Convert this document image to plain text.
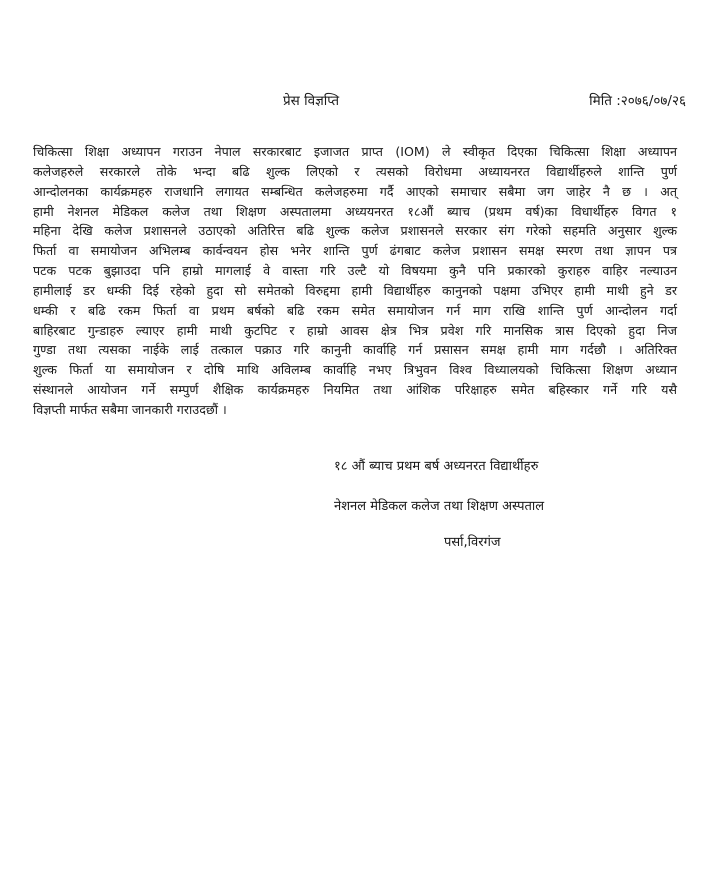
प्रेस विज्ञप्ति	मिति :२०७६/०७/२६
चिकित्सा शिक्षा अध्यापन गराउन नेपाल सरकारबाट इजाजत प्राप्त (IOM) ले स्वीकृत दिएका चिकित्सा शिक्षा अध्यापन
कलेजहरुले सरकारले तोके भन्दा बढि शुल्क लिएको र त्यसको विरोधमा अध्यायनरत विद्यार्थीहरुले शान्ति पुर्ण
आन्दोलनका कार्यक्रमहरु राजधानि लगायत सम्बन्धित कलेजहरुमा गर्दै आएको समाचार सबैमा जग जाहेर नै छ । अत्
हामी नेशनल मेडिकल कलेज तथा शिक्षण अस्पतालमा अध्ययनरत १८औं ब्याच (प्रथम वर्ष)का विधार्थीहरु विगत १
महिना देखि कलेज प्रशासनले उठाएको अतिरित्त बढि शुल्क कलेज प्रशासनले सरकार संग गरेको सहमति अनुसार शुल्क
फिर्ता वा समायोजन अभिलम्ब कार्वन्वयन होस भनेर शान्ति पुर्ण ढंगबाट कलेज प्रशासन समक्ष स्मरण तथा ज्ञापन पत्र
पटक पटक बुझाउदा पनि हाम्रो मागलाई वे वास्ता गरि उल्टै यो विषयमा कुनै पनि प्रकारको कुराहरु वाहिर नल्याउन
हामीलाई डर धम्की दिई रहेको हुदा सो समेतको विरुद्दमा हामी विद्यार्थीहरु कानुनको पक्षमा उभिएर हामी माथी हुने डर
धम्की र बढि रकम फिर्ता वा प्रथम बर्षको बढि रकम समेत समायोजन गर्न माग राखि शान्ति पुर्ण आन्दोलन गर्दा
बाहिरबाट गुन्डाहरु ल्याएर हामी माथी कुटपिट र हाम्रो आवस क्षेत्र भित्र प्रवेश गरि मानसिक त्रास दिएको हुदा निज
गुण्डा तथा त्यसका नाईके लाई तत्काल पक्राउ गरि कानुनी कार्वाहि गर्न प्रसासन समक्ष हामी माग गर्दछौ । अतिरिक्त
शुल्क फिर्ता या समायोजन र दोषि माथि अविलम्ब कार्वाहि नभए त्रिभुवन विश्व विध्यालयको चिकित्सा शिक्षण अध्यान
संस्थानले आयोजन गर्ने सम्पुर्ण शैक्षिक कार्यक्रमहरु नियमित तथा आंशिक परिक्षाहरु समेत बहिस्कार गर्ने गरि यसै
विज्ञप्ती मार्फत सबैमा जानकारी गराउदछौं ।
१८ औं ब्याच प्रथम बर्ष अध्यनरत विद्यार्थीहरु
नेशनल मेडिकल कलेज तथा शिक्षण अस्पताल
पर्सा,विरगंज
